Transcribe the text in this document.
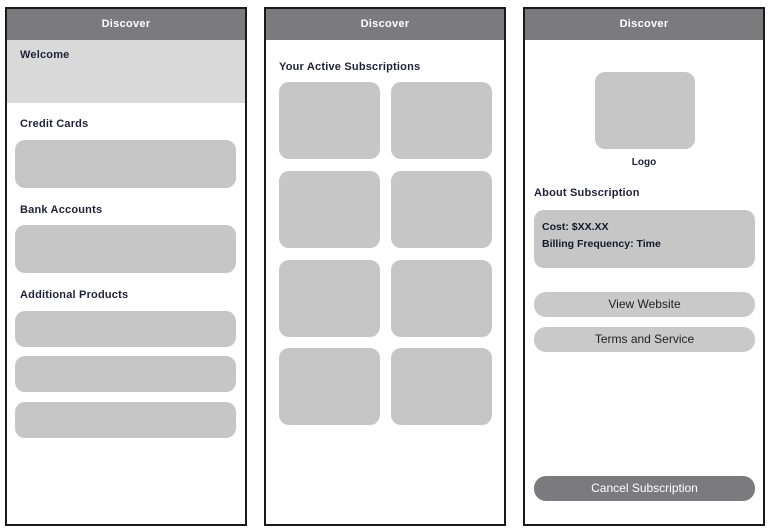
Discover
Welcome
Credit Cards
Bank Accounts
Additional Products
Discover
Your Active Subscriptions
Discover
Logo
About Subscription
Cost: $XX.XX
Billing Frequency: Time
View Website
Terms and Service
Cancel Subscription
